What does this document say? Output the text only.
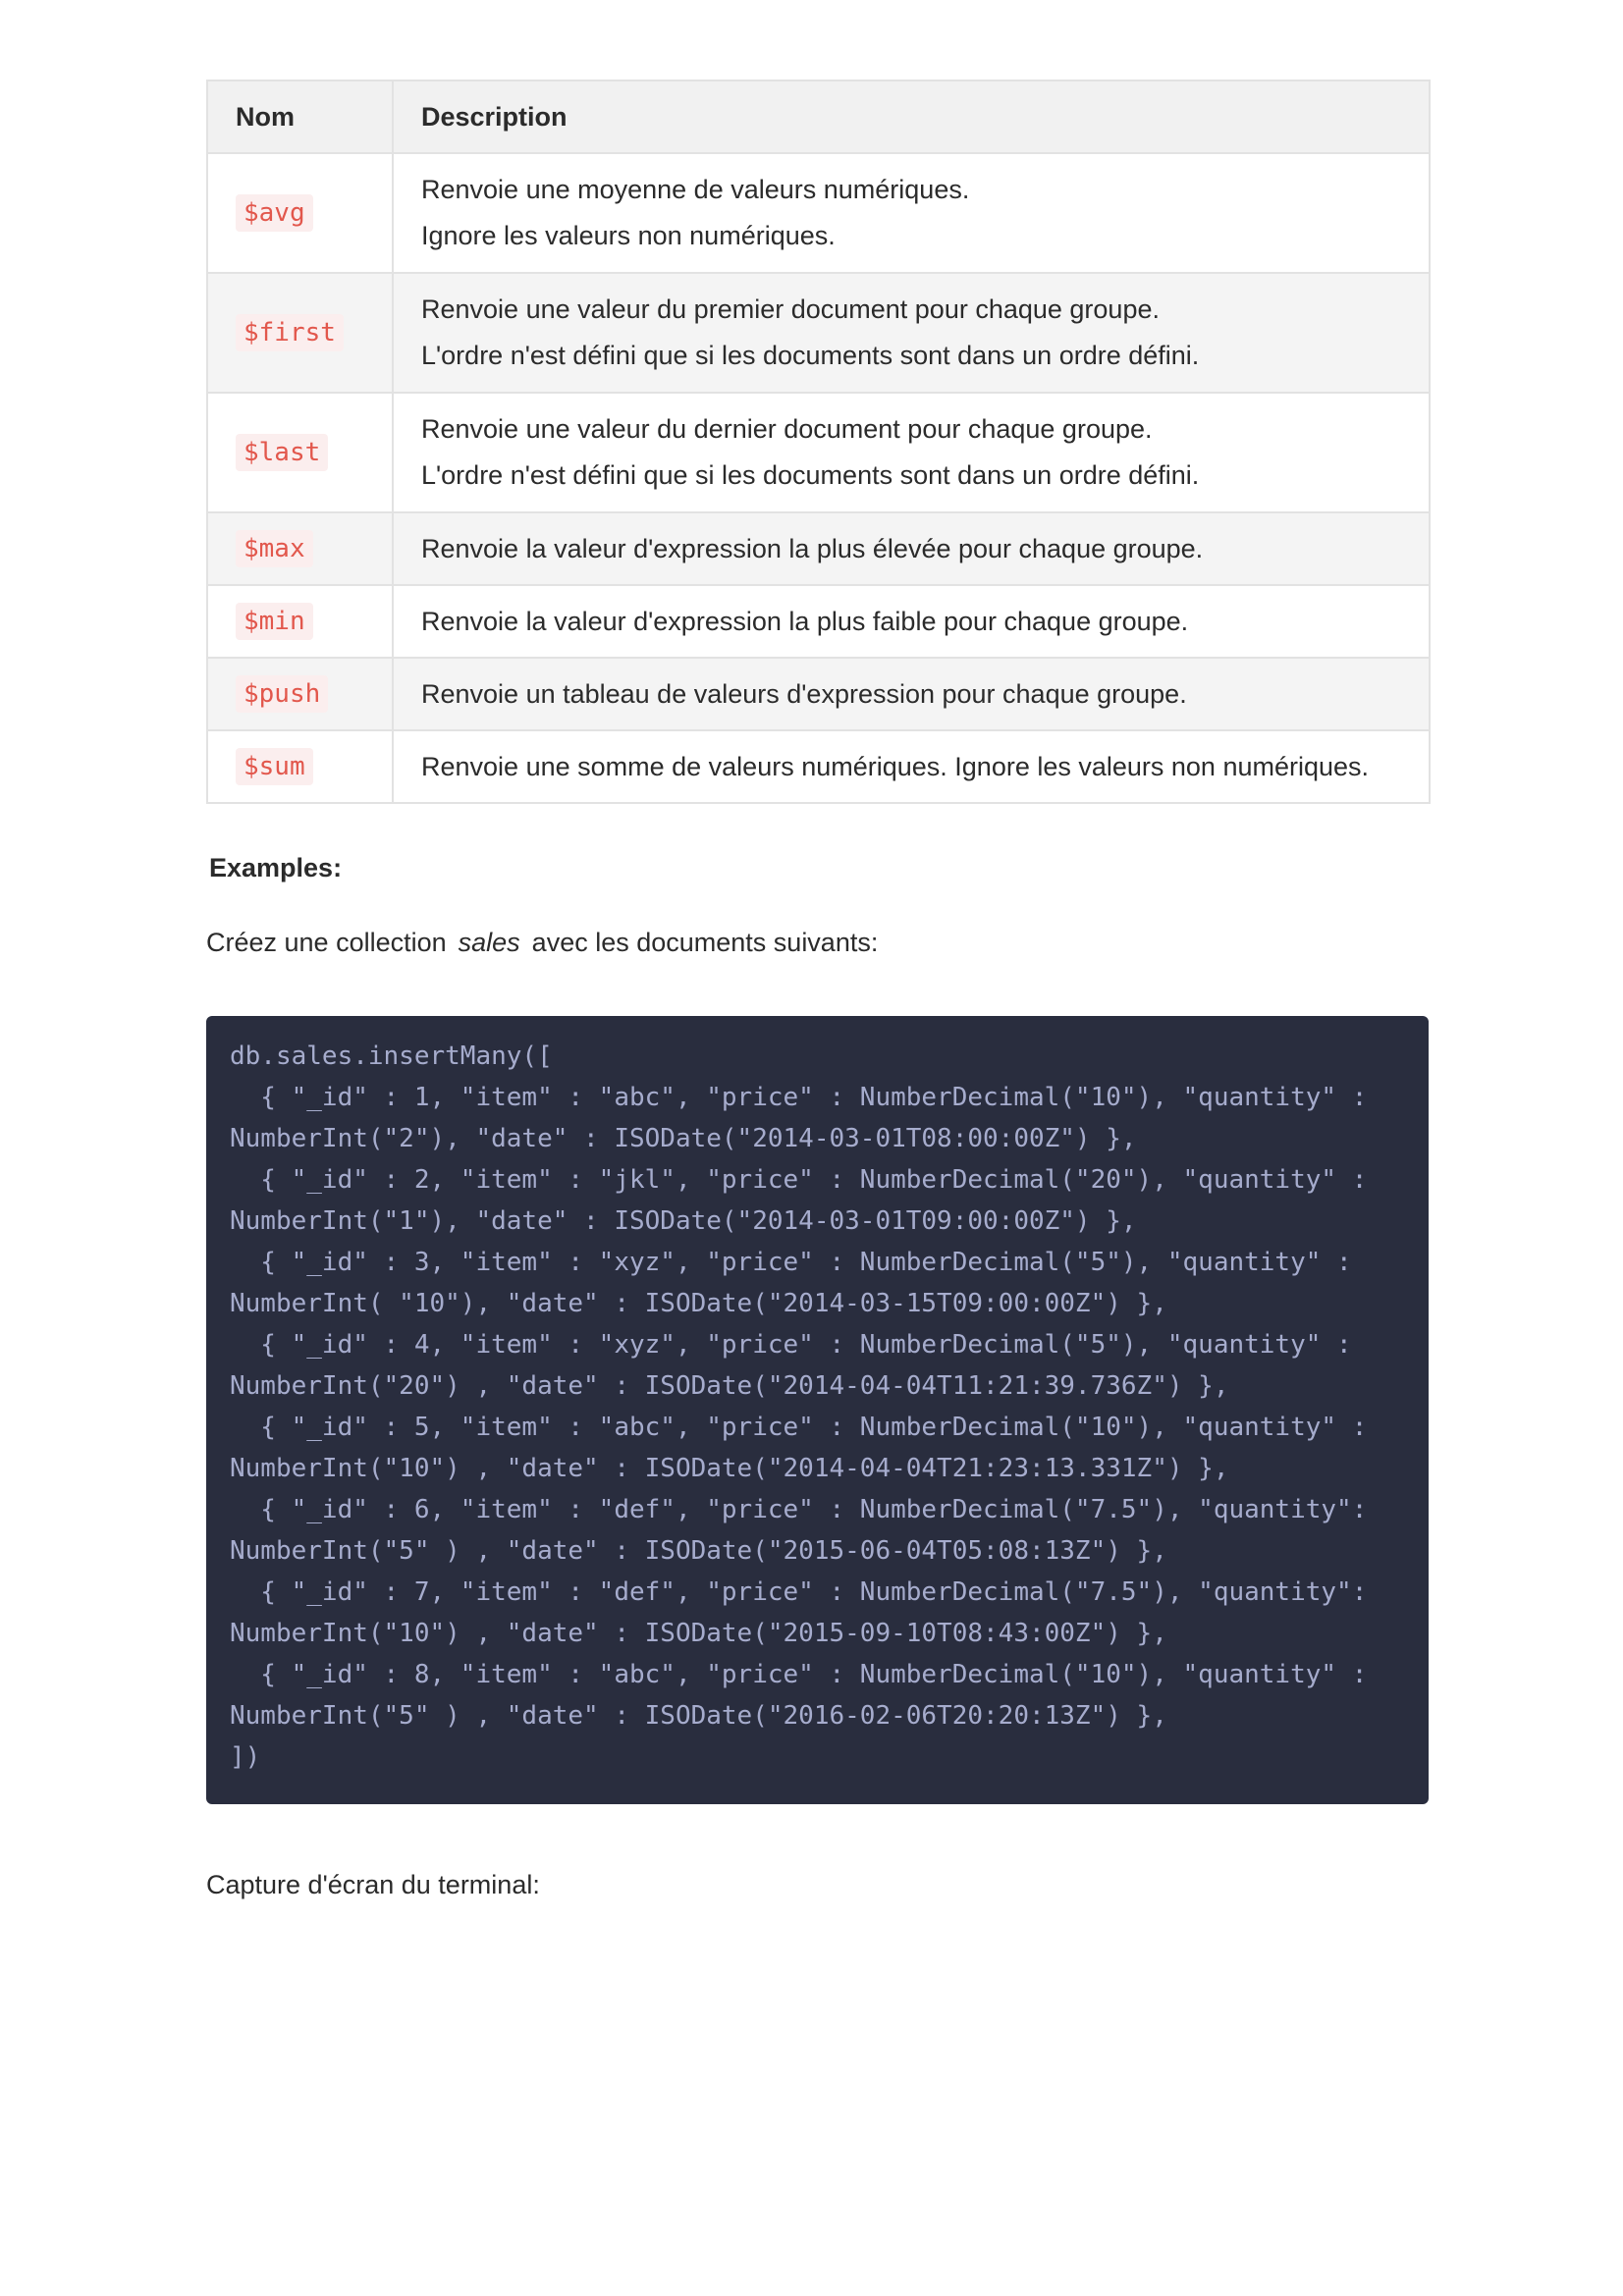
Nom	Description
$avg	Renvoie une moyenne de valeurs numériques.
Ignore les valeurs non numériques.

$first	Renvoie une valeur du premier document pour chaque groupe.
L'ordre n'est défini que si les documents sont dans un ordre défini.

$last	Renvoie une valeur du dernier document pour chaque groupe.
L'ordre n'est défini que si les documents sont dans un ordre défini.

$max	Renvoie la valeur d'expression la plus élevée pour chaque groupe.

$min	Renvoie la valeur d'expression la plus faible pour chaque groupe.

$push	Renvoie un tableau de valeurs d'expression pour chaque groupe.

$sum	Renvoie une somme de valeurs numériques. Ignore les valeurs non numériques.
Examples:
Créez une collection sales avec les documents suivants:
db.sales.insertMany([
{ "_id" : 1, "item" : "abc", "price" : NumberDecimal("10"), "quantity" :
NumberInt("2"), "date" : ISODate("2014-03-01T08:00:00Z") },
{ "_id" : 2, "item" : "jkl", "price" : NumberDecimal("20"), "quantity" :
NumberInt("1"), "date" : ISODate("2014-03-01T09:00:00Z") },
{ "_id" : 3, "item" : "xyz", "price" : NumberDecimal("5"), "quantity" :
NumberInt( "10"), "date" : ISODate("2014-03-15T09:00:00Z") },
{ "_id" : 4, "item" : "xyz", "price" : NumberDecimal("5"), "quantity" :
NumberInt("20") , "date" : ISODate("2014-04-04T11:21:39.736Z") },
{ "_id" : 5, "item" : "abc", "price" : NumberDecimal("10"), "quantity" :
NumberInt("10") , "date" : ISODate("2014-04-04T21:23:13.331Z") },
{ "_id" : 6, "item" : "def", "price" : NumberDecimal("7.5"), "quantity":
NumberInt("5" ) , "date" : ISODate("2015-06-04T05:08:13Z") },
{ "_id" : 7, "item" : "def", "price" : NumberDecimal("7.5"), "quantity":
NumberInt("10") , "date" : ISODate("2015-09-10T08:43:00Z") },
{ "_id" : 8, "item" : "abc", "price" : NumberDecimal("10"), "quantity" :
NumberInt("5" ) , "date" : ISODate("2016-02-06T20:20:13Z") },
])
Capture d'écran du terminal:
